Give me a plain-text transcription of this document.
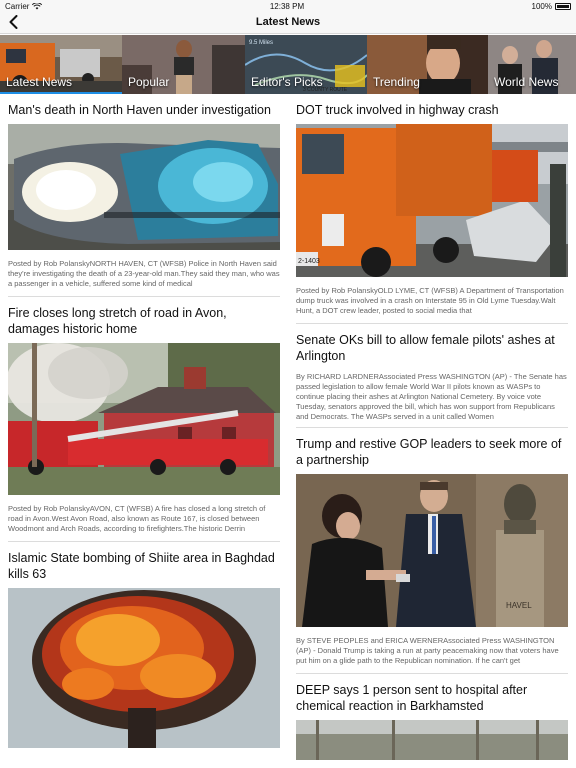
Carrier	12:38 PM	100%
Latest News
Latest News	Popular
9.5 Miles
3 COUNTY ROUTE
Editor's Picks	Trending	World News
Man's death in North Haven under investigation
Posted by Rob PolanskyNORTH HAVEN, CT (WFSB) Police in North Haven said they're investigating the death of a 23-year-old man.They said they man, who was a passenger in a vehicle, suffered some kind of medical
Fire closes long stretch of road in Avon, damages historic home
Posted by Rob PolanskyAVON, CT (WFSB) A fire has closed a long stretch of road in Avon.West Avon Road, also known as Route 167, is closed between Woodmont and Arch Roads, according to firefighters.The historic Derrin
Islamic State bombing of Shiite area in Baghdad kills 63
DOT truck involved in highway crash
2-1403
Posted by Rob PolanskyOLD LYME, CT (WFSB) A Department of Transportation dump truck was involved in a crash on Interstate 95 in Old Lyme Tuesday.Walt Hunt, a DOT crew leader, posted to social media that
Senate OKs bill to allow female pilots' ashes at Arlington
By RICHARD LARDNERAssociated Press WASHINGTON (AP) - The Senate has passed legislation to allow female World War II pilots known as WASPs to continue placing their ashes at Arlington National Cemetery. By voice vote Tuesday, senators approved the bill, which has won support from Republicans and Democrats. The WASPs served in a unit called Women
Trump and restive GOP leaders to seek more of a partnership
HAVEL
By STEVE PEOPLES and ERICA WERNERAssociated Press WASHINGTON (AP) - Donald Trump is taking a run at party peacemaking now that voters have put him on a glide path to the Republican nomination. If he can't get
DEEP says 1 person sent to hospital after chemical reaction in Barkhamsted
